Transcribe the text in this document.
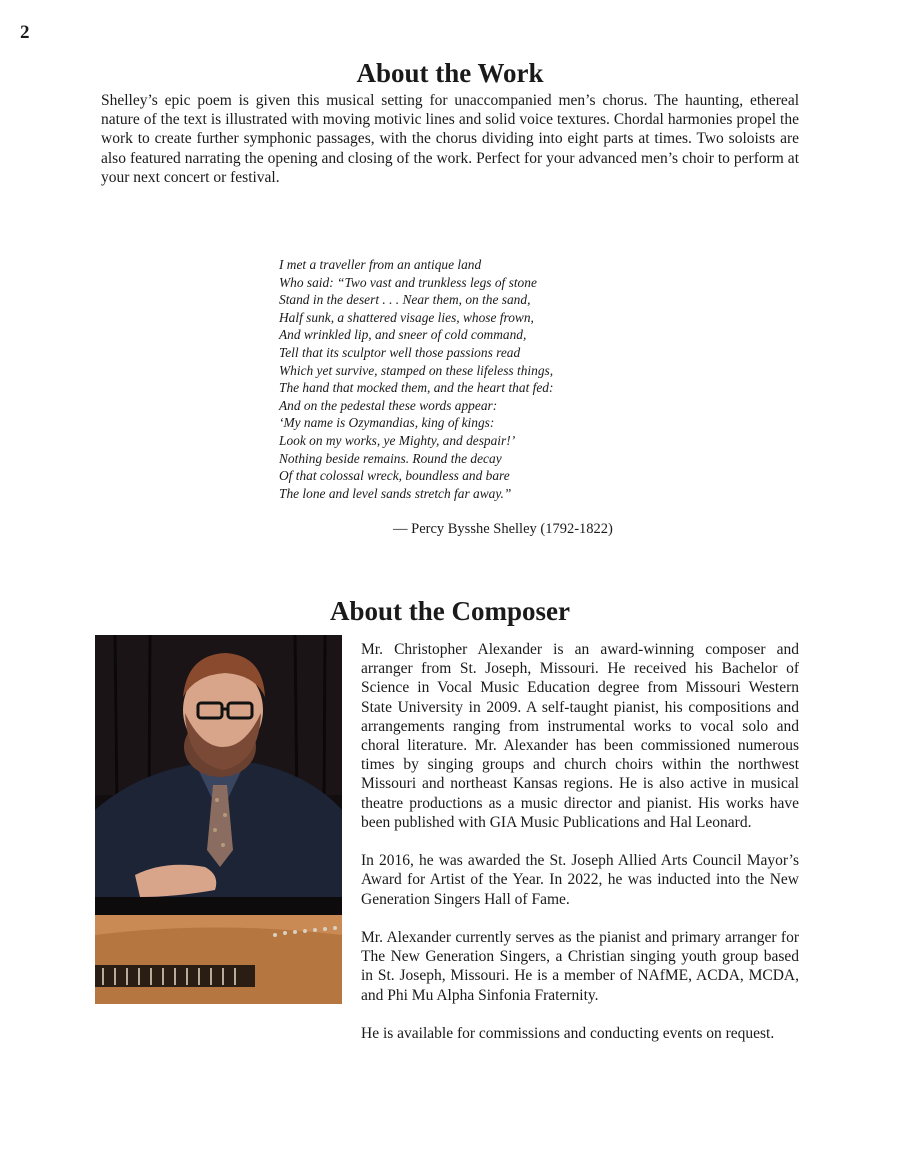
2
About the Work

Shelley’s epic poem is given this musical setting for unaccompanied men’s chorus. The haunting, ethereal nature of the text is illustrated with moving motivic lines and solid voice textures. Chordal harmonies propel the work to create further symphonic passages, with the chorus dividing into eight parts at times. Two soloists are also featured narrating the opening and closing of the work. Perfect for your advanced men’s choir to perform at your next concert or festival.

I met a traveller from an antique land
Who said: “Two vast and trunkless legs of stone
Stand in the desert . . . Near them, on the sand,
Half sunk, a shattered visage lies, whose frown,
And wrinkled lip, and sneer of cold command,
Tell that its sculptor well those passions read
Which yet survive, stamped on these lifeless things,
The hand that mocked them, and the heart that fed:
And on the pedestal these words appear:
‘My name is Ozymandias, king of kings:
Look on my works, ye Mighty, and despair!’
Nothing beside remains. Round the decay
Of that colossal wreck, boundless and bare
The lone and level sands stretch far away.”
— Percy Bysshe Shelley (1792-1822)
About the Composer

Mr. Christopher Alexander is an award-winning composer and arranger from St. Joseph, Missouri. He received his Bachelor of Science in Vocal Music Education degree from Missouri Western State University in 2009. A self-taught pianist, his compositions and arrangements ranging from instrumental works to vocal solo and choral literature. Mr. Alexander has been commissioned numerous times by singing groups and church choirs within the northwest Missouri and northeast Kansas regions. He is also active in musical theatre productions as a music director and pianist. His works have been published with GIA Music Publications and Hal Leonard.

In 2016, he was awarded the St. Joseph Allied Arts Council Mayor’s Award for Artist of the Year. In 2022, he was inducted into the New Generation Singers Hall of Fame.

Mr. Alexander currently serves as the pianist and primary arranger for The New Generation Singers, a Christian singing youth group based in St. Joseph, Missouri. He is a member of NAfME, ACDA, MCDA, and Phi Mu Alpha Sinfonia Fraternity.

He is available for commissions and conducting events on request.
